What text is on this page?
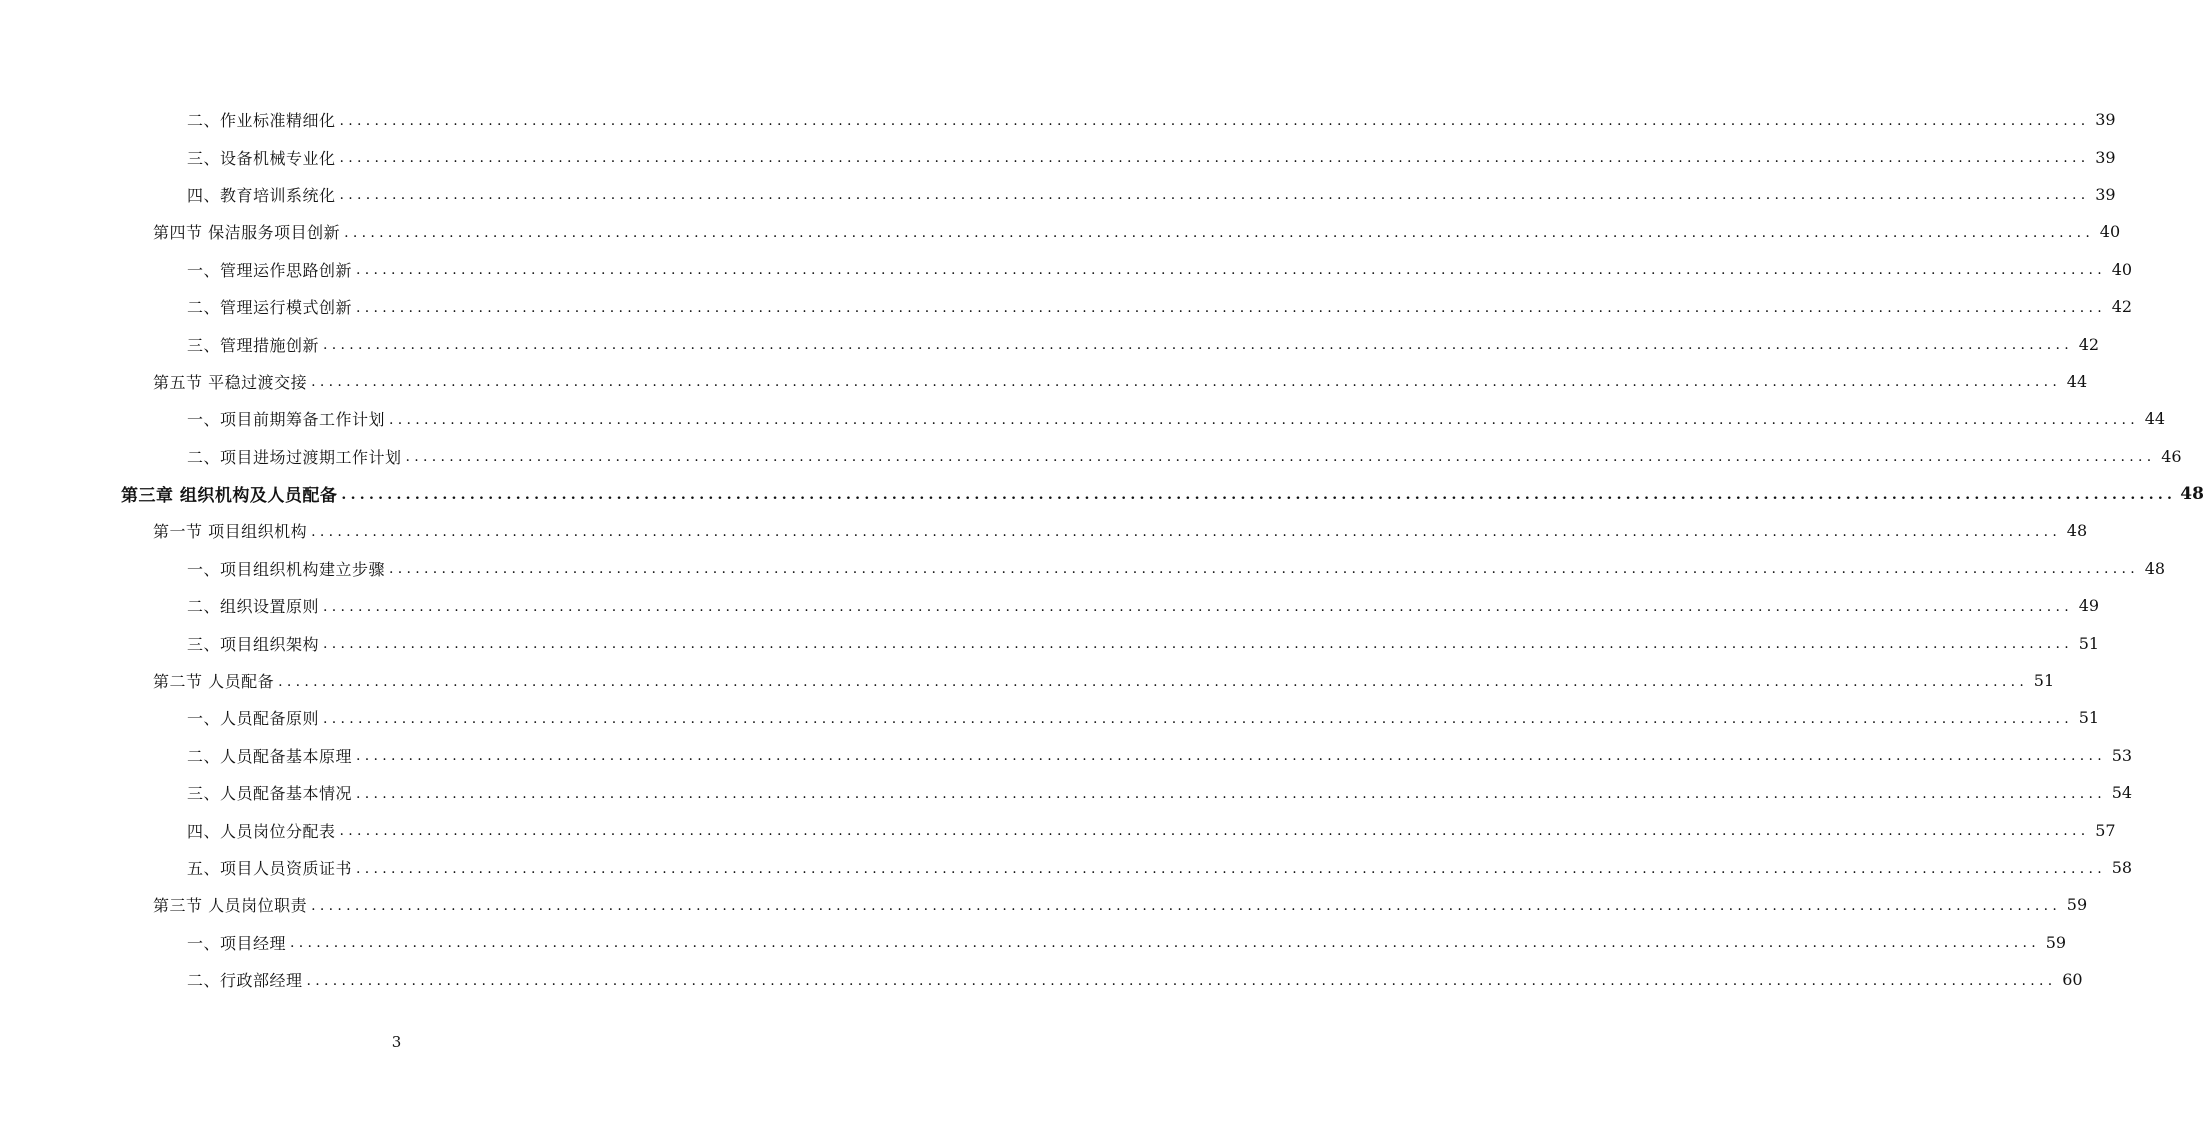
二、作业标准精细化 ........................................................................................................................................................................................................ 39
三、设备机械专业化 ........................................................................................................................................................................................................ 39
四、教育培训系统化 ........................................................................................................................................................................................................ 39
第四节 保洁服务项目创新 ........................................................................................................................................................................................................ 40
一、管理运作思路创新 ........................................................................................................................................................................................................ 40
二、管理运行模式创新 ........................................................................................................................................................................................................ 42
三、管理措施创新 ........................................................................................................................................................................................................ 42
第五节 平稳过渡交接 ........................................................................................................................................................................................................ 44
一、项目前期筹备工作计划 ........................................................................................................................................................................................................ 44
二、项目进场过渡期工作计划 ........................................................................................................................................................................................................ 46
第三章 组织机构及人员配备 ........................................................................................................................................................................................................ 48
第一节 项目组织机构 ........................................................................................................................................................................................................ 48
一、项目组织机构建立步骤 ........................................................................................................................................................................................................ 48
二、组织设置原则 ........................................................................................................................................................................................................ 49
三、项目组织架构 ........................................................................................................................................................................................................ 51
第二节 人员配备 ........................................................................................................................................................................................................ 51
一、人员配备原则 ........................................................................................................................................................................................................ 51
二、人员配备基本原理 ........................................................................................................................................................................................................ 53
三、人员配备基本情况 ........................................................................................................................................................................................................ 54
四、人员岗位分配表 ........................................................................................................................................................................................................ 57
五、项目人员资质证书 ........................................................................................................................................................................................................ 58
第三节 人员岗位职责 ........................................................................................................................................................................................................ 59
一、项目经理 ........................................................................................................................................................................................................ 59
二、行政部经理 ........................................................................................................................................................................................................ 60
3
